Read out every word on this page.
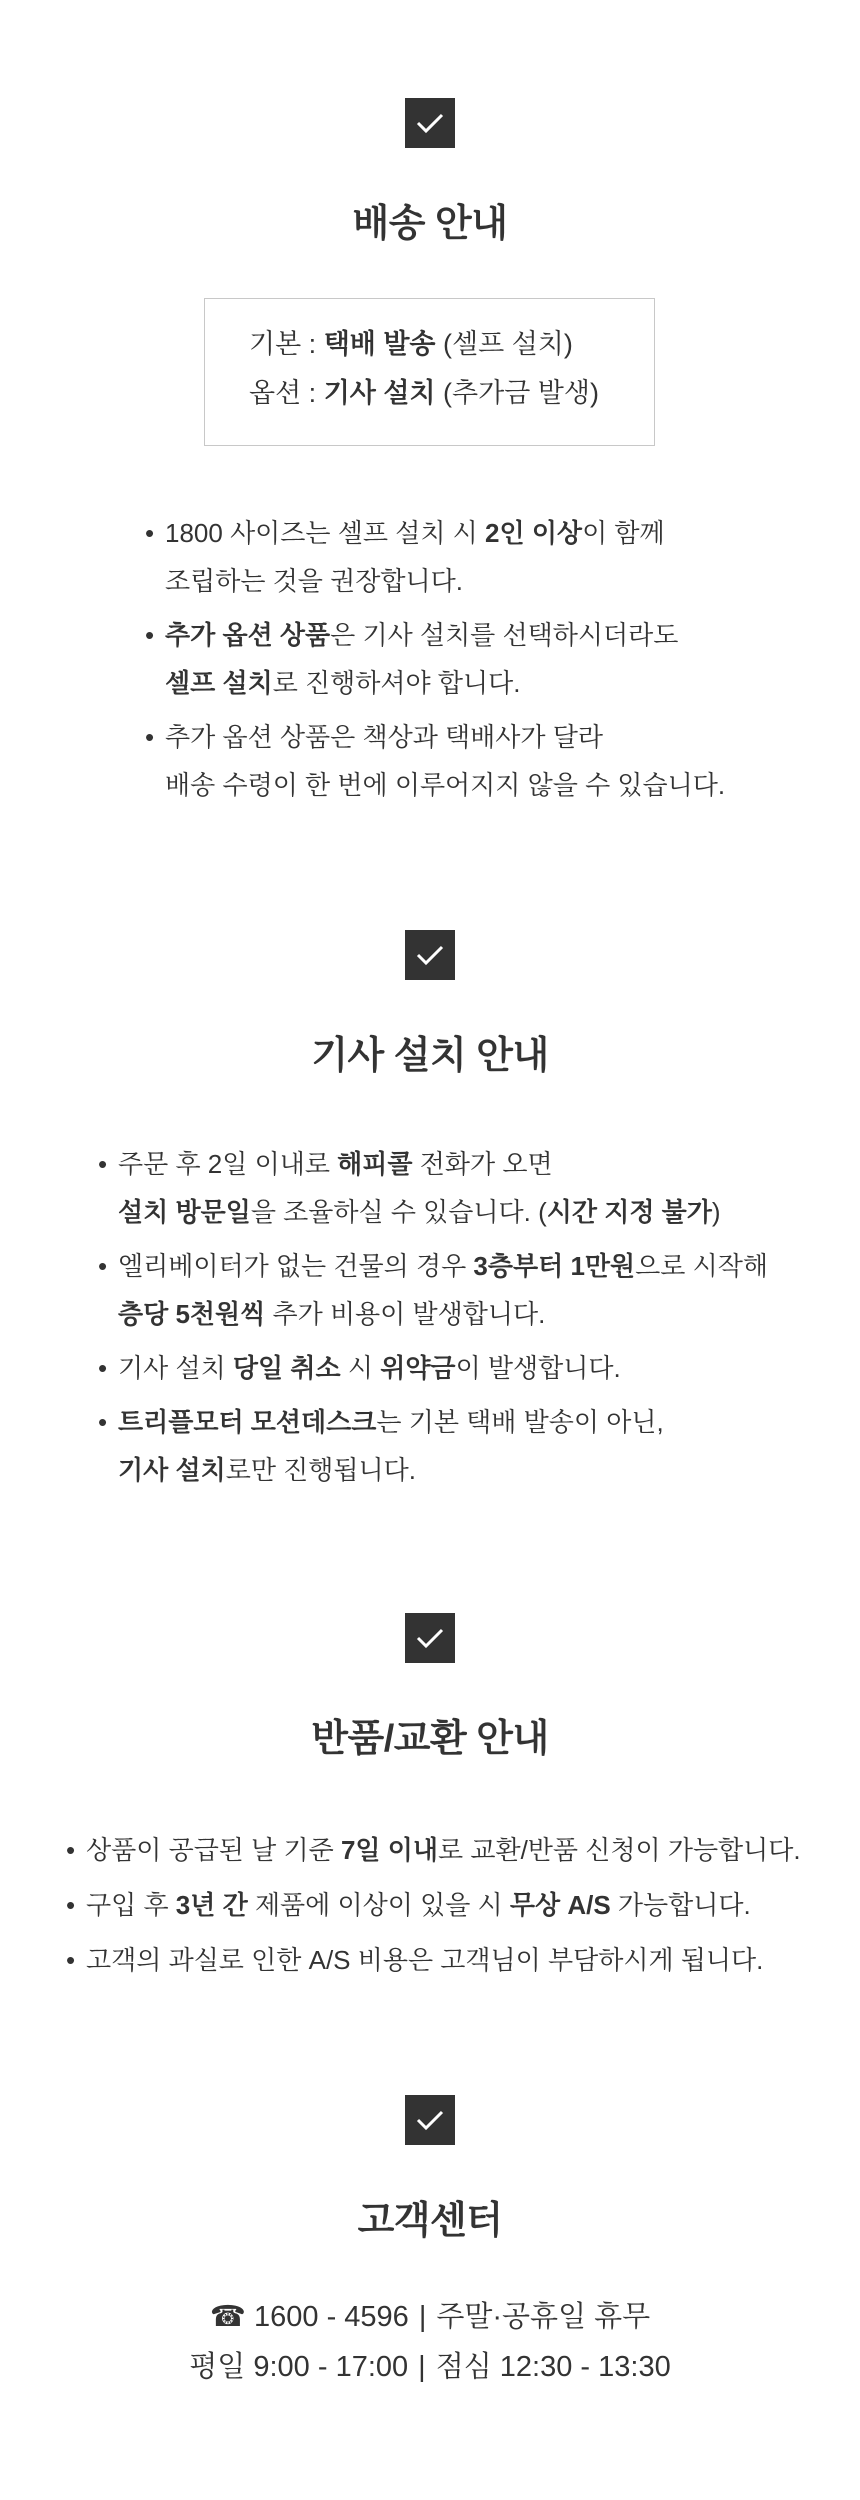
배송 안내
기본 : 택배 발송 (셀프 설치)
옵션 : 기사 설치 (추가금 발생)
• 1800 사이즈는 셀프 설치 시 2인 이상이 함께
조립하는 것을 권장합니다.
• 추가 옵션 상품은 기사 설치를 선택하시더라도
셀프 설치로 진행하셔야 합니다.
• 추가 옵션 상품은 책상과 택배사가 달라
배송 수령이 한 번에 이루어지지 않을 수 있습니다.
기사 설치 안내
• 주문 후 2일 이내로 해피콜 전화가 오면
설치 방문일을 조율하실 수 있습니다. (시간 지정 불가)
• 엘리베이터가 없는 건물의 경우 3층부터 1만원으로 시작해
층당 5천원씩 추가 비용이 발생합니다.
• 기사 설치 당일 취소 시 위약금이 발생합니다.
• 트리플모터 모션데스크는 기본 택배 발송이 아닌,
기사 설치로만 진행됩니다.
반품/교환 안내
• 상품이 공급된 날 기준 7일 이내로 교환/반품 신청이 가능합니다.
• 구입 후 3년 간 제품에 이상이 있을 시 무상 A/S 가능합니다.
• 고객의 과실로 인한 A/S 비용은 고객님이 부담하시게 됩니다.
고객센터
☎ 1600 - 4596 | 주말·공휴일 휴무
평일 9:00 - 17:00 | 점심 12:30 - 13:30
